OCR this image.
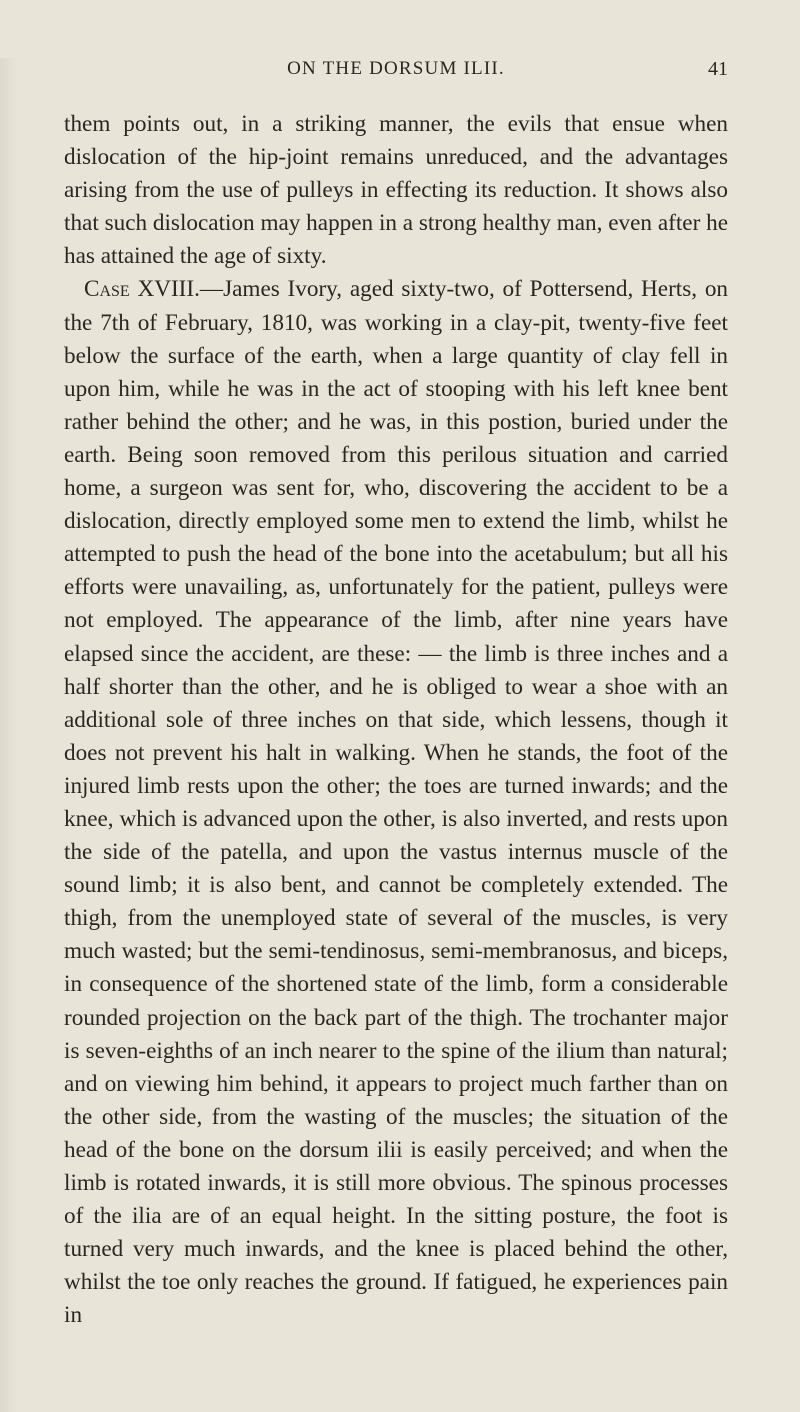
ON THE DORSUM ILII.	41

them points out, in a striking manner, the evils that ensue when dislocation of the hip-joint remains unreduced, and the advantages arising from the use of pulleys in effecting its reduction. It shows also that such dislocation may happen in a strong healthy man, even after he has attained the age of sixty.

Case XVIII.—James Ivory, aged sixty-two, of Pottersend, Herts, on the 7th of February, 1810, was working in a clay-pit, twenty-five feet below the surface of the earth, when a large quantity of clay fell in upon him, while he was in the act of stooping with his left knee bent rather behind the other; and he was, in this postion, buried under the earth. Being soon removed from this perilous situation and carried home, a surgeon was sent for, who, discovering the accident to be a dislocation, directly employed some men to extend the limb, whilst he attempted to push the head of the bone into the acetabulum; but all his efforts were unavailing, as, unfortunately for the patient, pulleys were not employed. The appearance of the limb, after nine years have elapsed since the accident, are these: — the limb is three inches and a half shorter than the other, and he is obliged to wear a shoe with an additional sole of three inches on that side, which lessens, though it does not prevent his halt in walking. When he stands, the foot of the injured limb rests upon the other; the toes are turned inwards; and the knee, which is advanced upon the other, is also inverted, and rests upon the side of the patella, and upon the vastus internus muscle of the sound limb; it is also bent, and cannot be completely extended. The thigh, from the unemployed state of several of the muscles, is very much wasted; but the semi-tendinosus, semi-membranosus, and biceps, in consequence of the shortened state of the limb, form a considerable rounded projection on the back part of the thigh. The trochanter major is seven-eighths of an inch nearer to the spine of the ilium than natural; and on viewing him behind, it appears to project much farther than on the other side, from the wasting of the muscles; the situation of the head of the bone on the dorsum ilii is easily perceived; and when the limb is rotated inwards, it is still more obvious. The spinous processes of the ilia are of an equal height. In the sitting posture, the foot is turned very much inwards, and the knee is placed behind the other, whilst the toe only reaches the ground. If fatigued, he experiences pain in
